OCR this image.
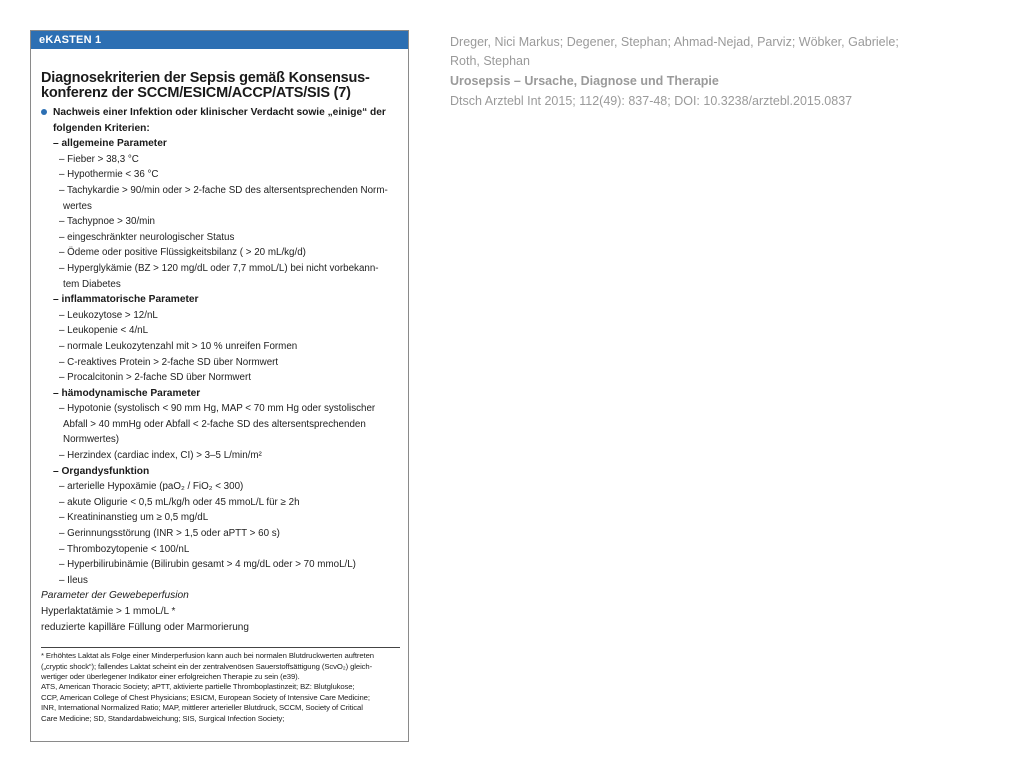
eKASTEN 1
Diagnosekriterien der Sepsis gemäß Konsensus-
konferenz der SCCM/ESICM/ACCP/ATS/SIS (7)
Nachweis einer Infektion oder klinischer Verdacht sowie „einige“ der
folgenden Kriterien:
– allgemeine Parameter
– Fieber > 38,3 °C
– Hypothermie < 36 °C
– Tachykardie > 90/min oder > 2-fache SD des altersentsprechenden Norm-
wertes
– Tachypnoe > 30/min
– eingeschränkter neurologischer Status
– Ödeme oder positive Flüssigkeitsbilanz ( > 20 mL/kg/d)
– Hyperglykämie (BZ > 120 mg/dL oder 7,7 mmoL/L) bei nicht vorbekann-
tem Diabetes
– inflammatorische Parameter
– Leukozytose > 12/nL
– Leukopenie < 4/nL
– normale Leukozytenzahl mit > 10 % unreifen Formen
– C-reaktives Protein > 2-fache SD über Normwert
– Procalcitonin > 2-fache SD über Normwert
– hämodynamische Parameter
– Hypotonie (systolisch < 90 mm Hg, MAP < 70 mm Hg oder systolischer
Abfall > 40 mmHg oder Abfall < 2-fache SD des altersentsprechenden
Normwertes)
– Herzindex (cardiac index, CI) > 3–5 L/min/m²
– Organdysfunktion
– arterielle Hypoxämie (paO₂ / FiO₂ < 300)
– akute Oligurie < 0,5 mL/kg/h oder 45 mmoL/L für ≥ 2h
– Kreatininanstieg um ≥ 0,5 mg/dL
– Gerinnungsstörung (INR > 1,5 oder aPTT > 60 s)
– Thrombozytopenie < 100/nL
– Hyperbilirubinämie (Bilirubin gesamt > 4 mg/dL oder > 70 mmoL/L)
– Ileus
Parameter der Gewebeperfusion
Hyperlaktatämie > 1 mmoL/L *
reduzierte kapilläre Füllung oder Marmorierung

* Erhöhtes Laktat als Folge einer Minderperfusion kann auch bei normalen Blutdruckwerten auftreten

(„cryptic shock“); fallendes Laktat scheint ein der zentralvenösen Sauerstoffsättigung (ScvO₂) gleich-

wertiger oder überlegener Indikator einer erfolgreichen Therapie zu sein (e39).

ATS, American Thoracic Society; aPTT, aktivierte partielle Thromboplastinzeit; BZ: Blutglukose;

CCP, American College of Chest Physicians; ESICM, European Society of Intensive Care Medicine;

INR, International Normalized Ratio; MAP, mittlerer arterieller Blutdruck, SCCM, Society of Critical

Care Medicine; SD, Standardabweichung; SIS, Surgical Infection Society;

Dreger, Nici Markus; Degener, Stephan; Ahmad-Nejad, Parviz; Wöbker, Gabriele;
Roth, Stephan
Urosepsis – Ursache, Diagnose und Therapie
Dtsch Arztebl Int 2015; 112(49): 837-48; DOI: 10.3238/arztebl.2015.0837
